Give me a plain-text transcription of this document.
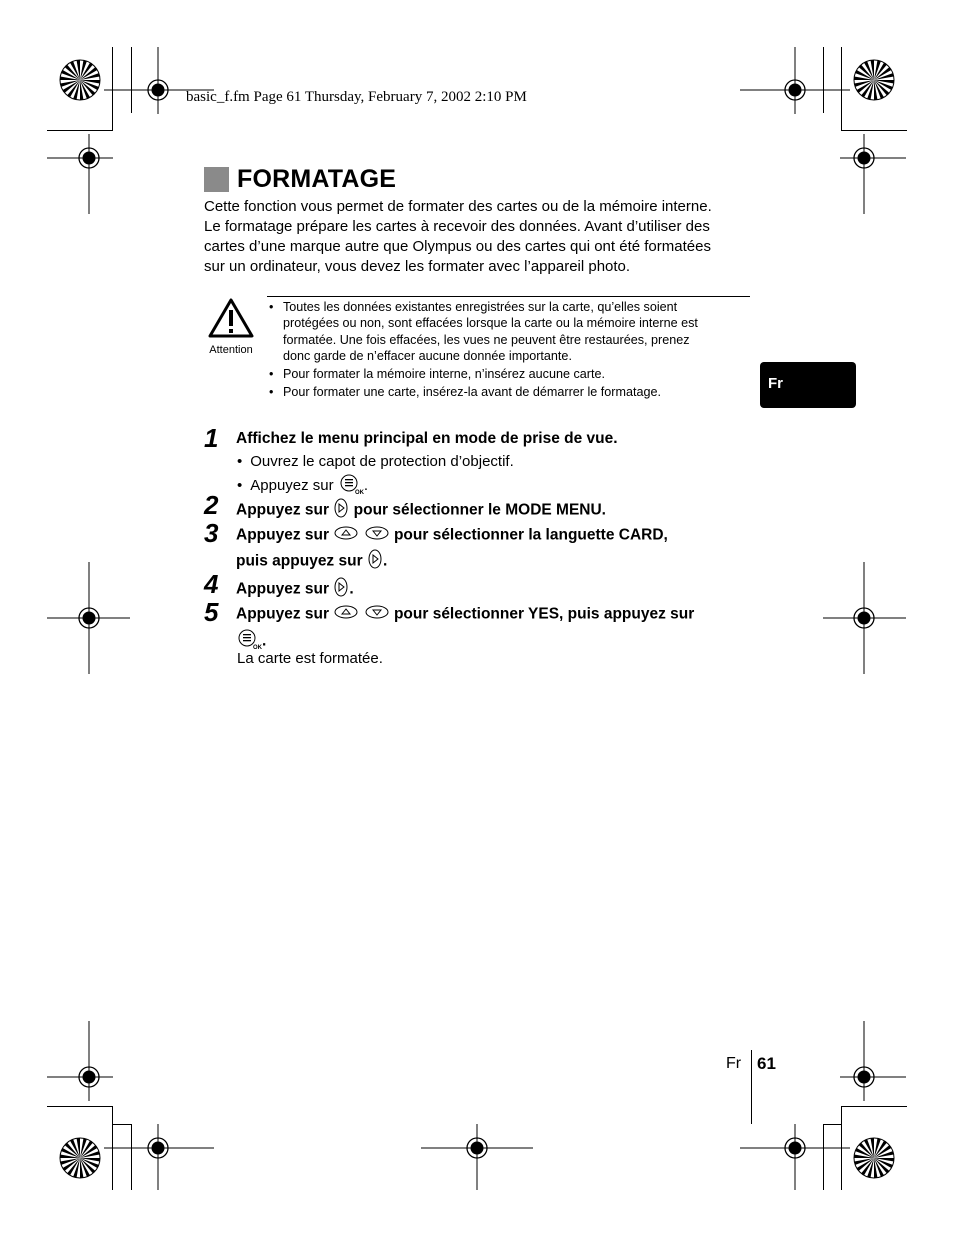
basic_f.fm Page 61 Thursday, February 7, 2002 2:10 PM
FORMATAGE
Cette fonction vous permet de formater des cartes ou de la mémoire interne.
Le formatage prépare les cartes à recevoir des données. Avant d’utiliser des
cartes d’une marque autre que Olympus ou des cartes qui ont été formatées
sur un ordinateur, vous devez les formater avec l’appareil photo.
Attention
• Toutes les données existantes enregistrées sur la carte, qu’elles soient
protégées ou non, sont effacées lorsque la carte ou la mémoire interne est
formatée. Une fois effacées, les vues ne peuvent être restaurées, prenez
donc garde de n’effacer aucune donnée importante.
• Pour formater la mémoire interne, n’insérez aucune carte.
• Pour formater une carte, insérez-la avant de démarrer le formatage.
Fr
1 Affichez le menu principal en mode de prise de vue.
• Ouvrez le capot de protection d’objectif.
• Appuyez sur	OK .
2 Appuyez sur pour sélectionner le MODE MENU.
3 Appuyez sur	pour sélectionner la languette CARD,
puis appuyez sur .
4 Appuyez sur .
5 Appuyez sur	pour sélectionner YES, puis appuyez sur
OK .
La carte est formatée.
Fr 61
